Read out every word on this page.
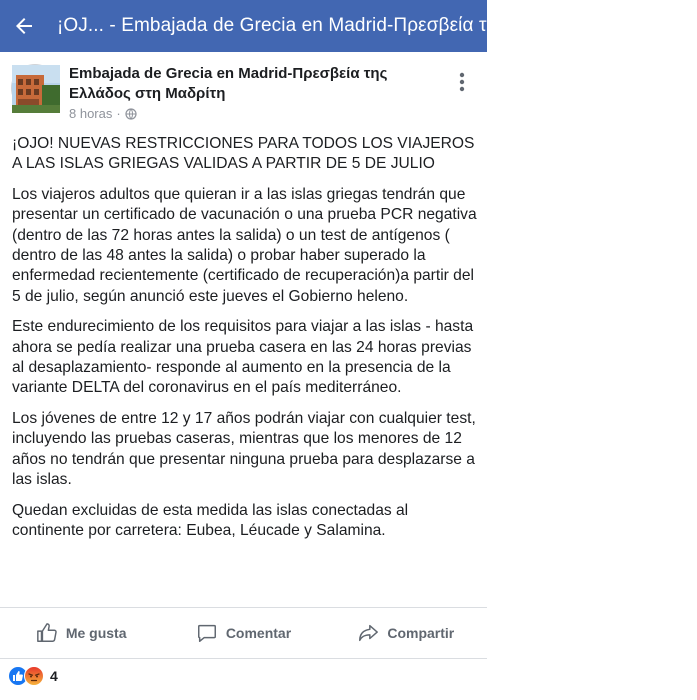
¡OJ... - Embajada de Grecia en Madrid-Πρεσβεία της Ελλάδος στη Μαδρίτη
Embajada de Grecia en Madrid-Πρεσβεία της Ελλάδος στη Μαδρίτη
8 horas ·

¡OJO! NUEVAS RESTRICCIONES PARA TODOS LOS VIAJEROS A LAS ISLAS GRIEGAS VALIDAS A PARTIR DE 5 DE JULIO

Los viajeros adultos que quieran ir a las islas griegas tendrán que presentar un certificado de vacunación o una prueba PCR negativa (dentro de las 72 horas antes la salida) o un test de antígenos ( dentro de las 48 antes la salida) o probar haber superado la enfermedad recientemente (certificado de recuperación)a partir del 5 de julio, según anunció este jueves el Gobierno heleno.

Este endurecimiento de los requisitos para viajar a las islas - hasta ahora se pedía realizar una prueba casera en las 24 horas previas al desaplazamiento- responde al aumento en la presencia de la variante DELTA del coronavirus en el país mediterráneo.

Los jóvenes de entre 12 y 17 años podrán viajar con cualquier test, incluyendo las pruebas caseras, mientras que los menores de 12 años no tendrán que presentar ninguna prueba para desplazarse a las islas.

Quedan excluidas de esta medida las islas conectadas al continente por carretera: Eubea, Léucade y Salamina.

Me gusta	Comentar	Compartir
4
